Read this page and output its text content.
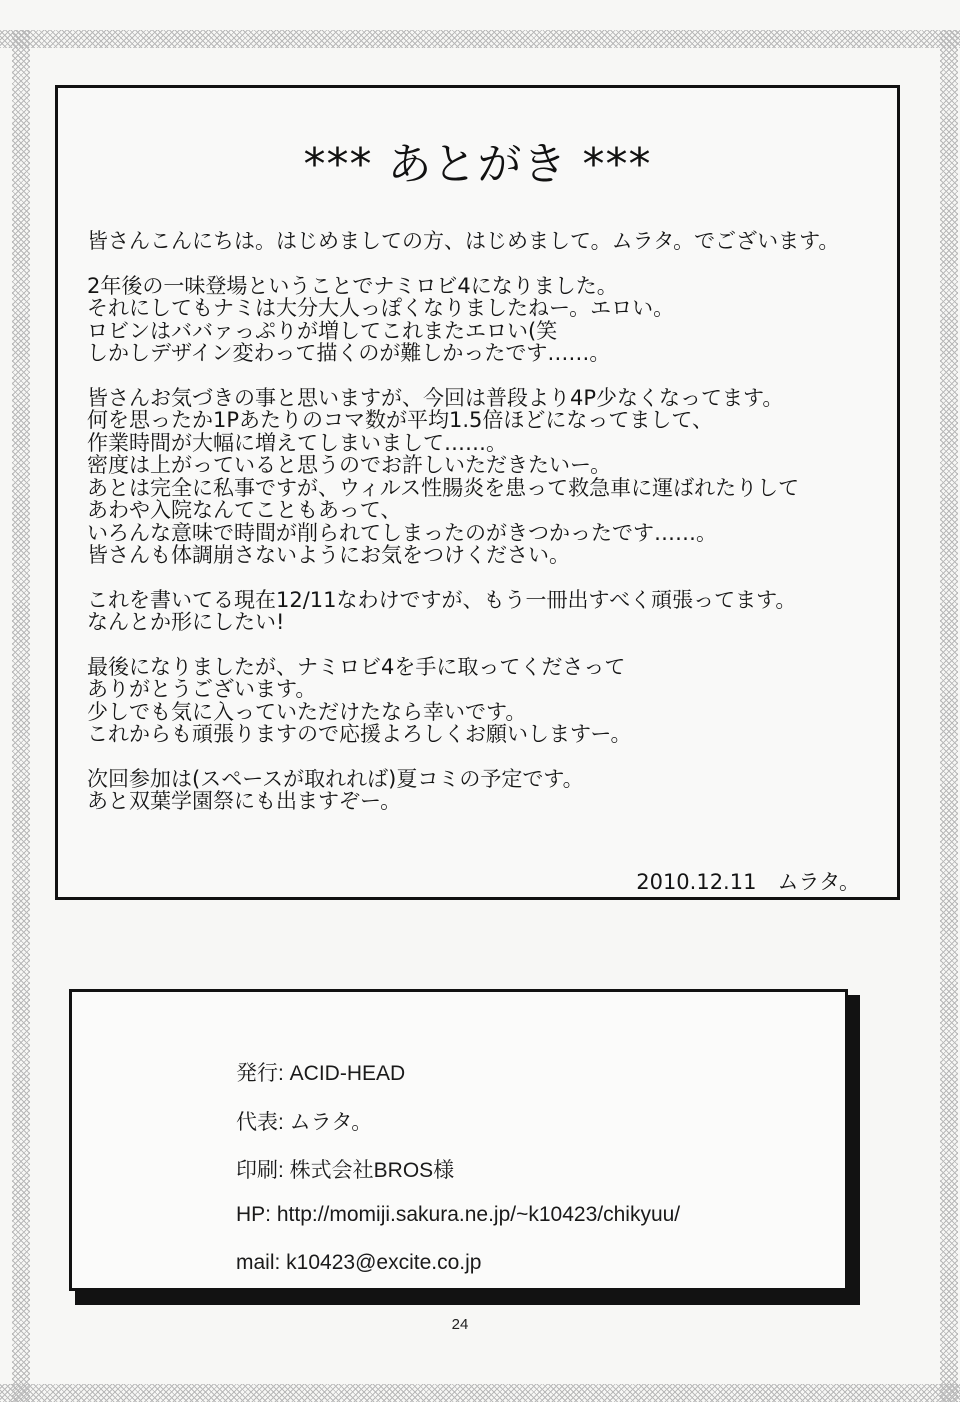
*** あとがき ***

皆さんこんにちは。はじめましての方、はじめまして。ムラタ。でございます。

2年後の一味登場ということでナミロビ4になりました。
それにしてもナミは大分大人っぽくなりましたねー。エロい。
ロビンはババァっぷりが増してこれまたエロい(笑
しかしデザイン変わって描くのが難しかったです……。

皆さんお気づきの事と思いますが、今回は普段より4P少なくなってます。
何を思ったか1Pあたりのコマ数が平均1.5倍ほどになってまして、
作業時間が大幅に増えてしまいまして……。
密度は上がっていると思うのでお許しいただきたいー。
あとは完全に私事ですが、ウィルス性腸炎を患って救急車に運ばれたりして
あわや入院なんてこともあって、
いろんな意味で時間が削られてしまったのがきつかったです……。
皆さんも体調崩さないようにお気をつけください。

これを書いてる現在12/11なわけですが、もう一冊出すべく頑張ってます。
なんとか形にしたい!

最後になりましたが、ナミロビ4を手に取ってくださって
ありがとうございます。
少しでも気に入っていただけたなら幸いです。
これからも頑張りますので応援よろしくお願いしますー。

次回参加は(スペースが取れれば)夏コミの予定です。
あと双葉学園祭にも出ますぞー。

2010.12.11　ムラタ。
発行: ACID-HEAD
代表: ムラタ。
印刷: 株式会社BROS様
HP: http://momiji.sakura.ne.jp/~k10423/chikyuu/
mail: k10423@excite.co.jp
24
